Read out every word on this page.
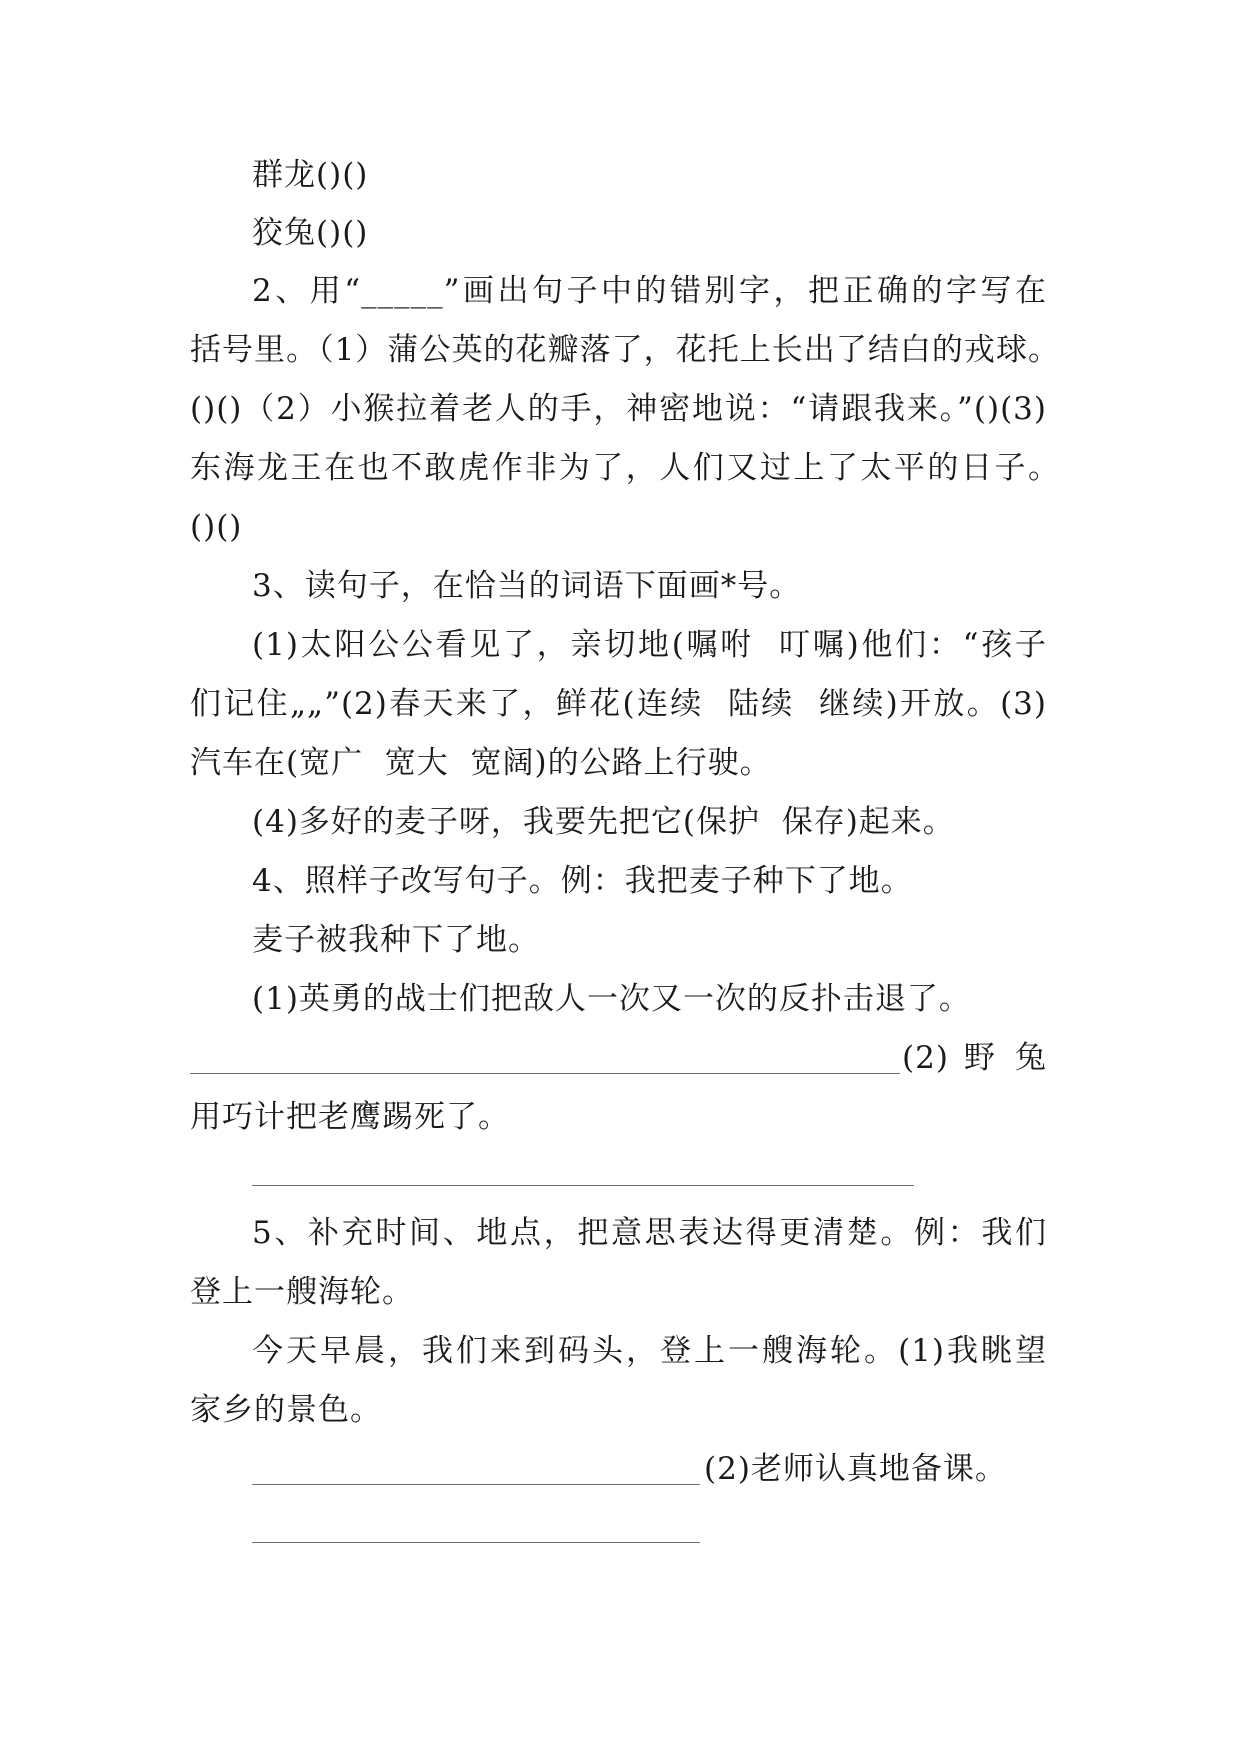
群龙()()
狡兔()()
2、用“_____”画出句子中的错别字，把正确的字写在
括号里。（1）蒲公英的花瓣落了，花托上长出了结白的戎球。
()()（2）小猴拉着老人的手，神密地说：“请跟我来。”()(3)
东海龙王在也不敢虎作非为了，人们又过上了太平的日子。
()()
3、读句子，在恰当的词语下面画*号。
(1)太阳公公看见了，亲切地(嘱咐  叮嘱)他们：“孩子
们记住„„”(2)春天来了，鲜花(连续  陆续  继续)开放。(3)
汽车在(宽广  宽大  宽阔)的公路上行驶。
(4)多好的麦子呀，我要先把它(保护  保存)起来。
4、照样子改写句子。例：我把麦子种下了地。
麦子被我种下了地。
(1)英勇的战士们把敌人一次又一次的反扑击退了。
(2) 野 兔
用巧计把老鹰踢死了。
5、补充时间、地点，把意思表达得更清楚。例：我们
登上一艘海轮。
今天早晨，我们来到码头，登上一艘海轮。(1)我眺望
家乡的景色。
(2)老师认真地备课。
